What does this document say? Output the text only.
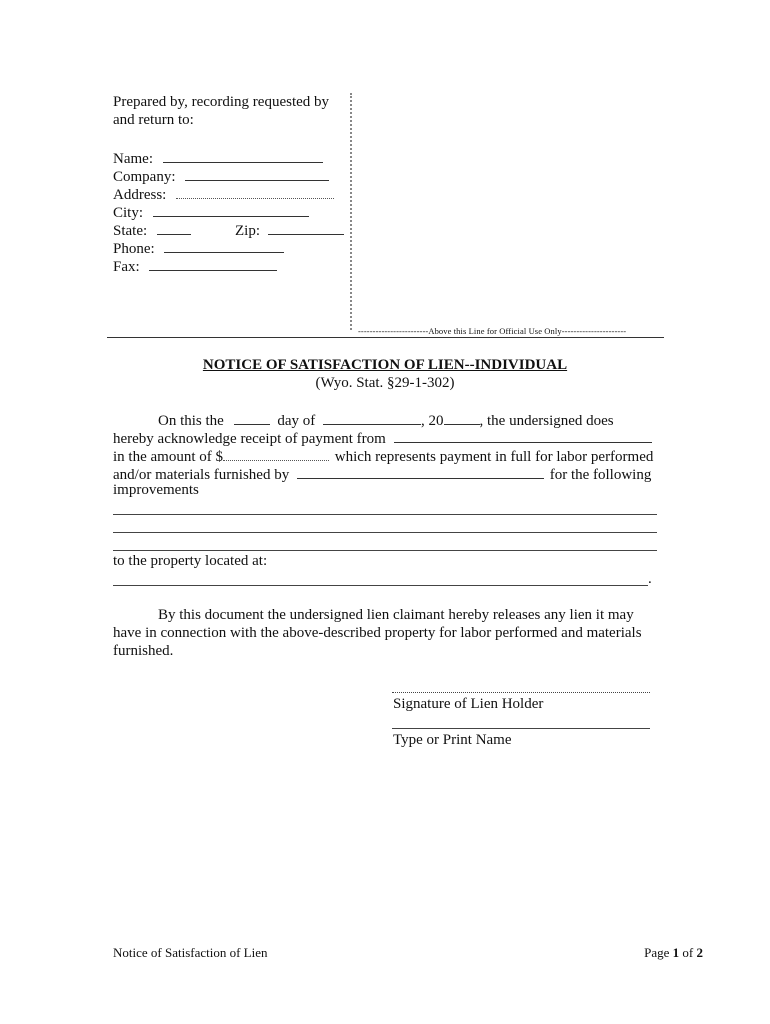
Prepared by, recording requested by
and return to:
Name:
Company:
Address:
City:
State:	Zip:
Phone:
Fax:
------------------------Above this Line for Official Use Only----------------------
NOTICE OF SATISFACTION OF LIEN--INDIVIDUAL
(Wyo. Stat. §29-1-302)
On this the	day of	, 20 , the undersigned does
hereby acknowledge receipt of payment from
in the amount of $	which represents payment in full for labor performed
and/or materials furnished by	for the following
improvements
to the property located at:
.
By this document the undersigned lien claimant hereby releases any lien it may
have in connection with the above-described property for labor performed and materials
furnished.
Signature of Lien Holder
Type or Print Name
Notice of Satisfaction of Lien	Page 1 of 2
